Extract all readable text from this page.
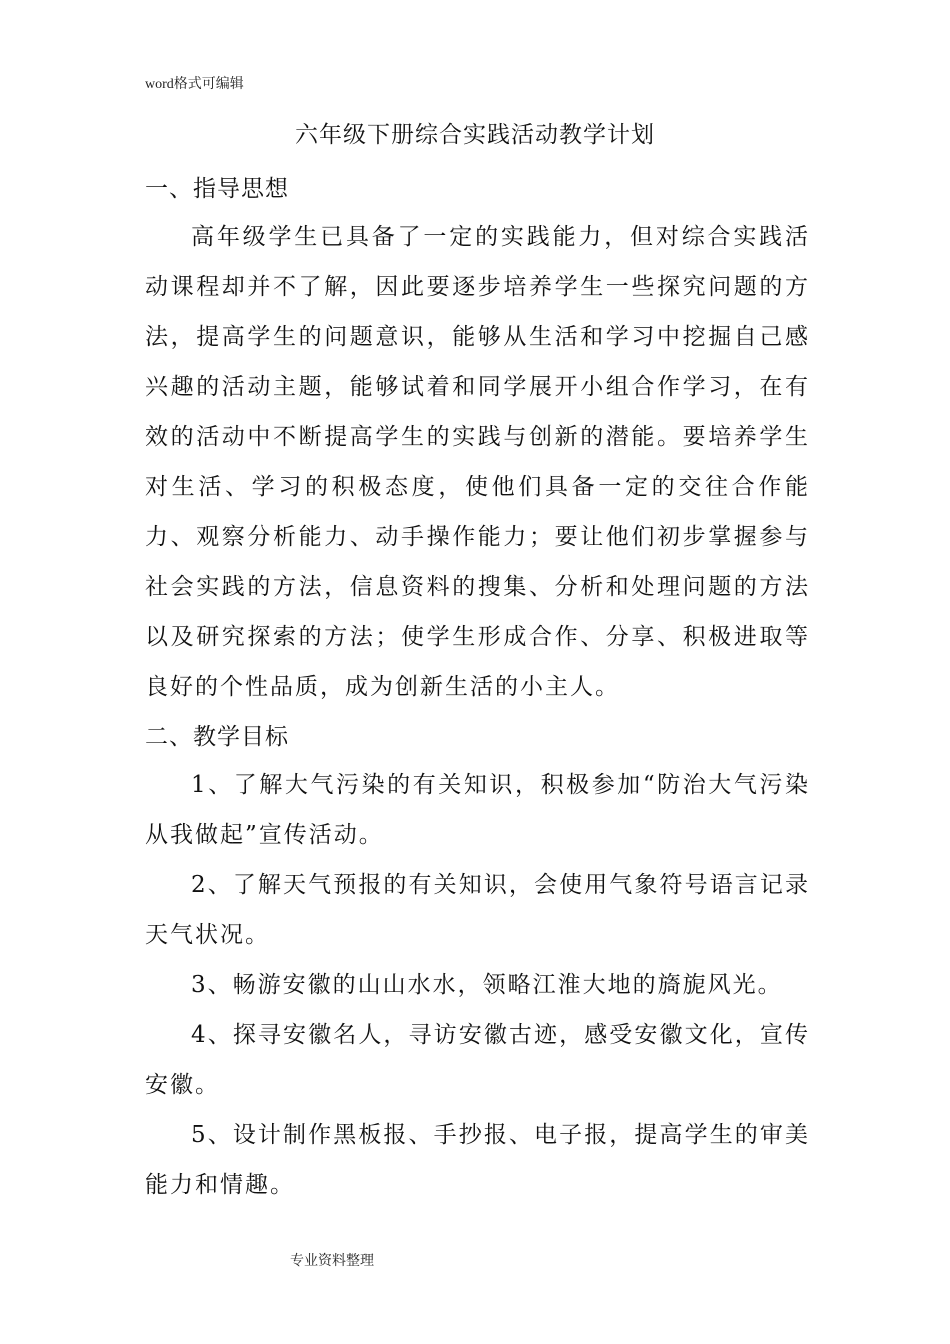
word格式可编辑
六年级下册综合实践活动教学计划
一、指导思想

高年级学生已具备了一定的实践能力，但对综合实践活动课程却并不了解，因此要逐步培养学生一些探究问题的方法，提高学生的问题意识，能够从生活和学习中挖掘自己感兴趣的活动主题，能够试着和同学展开小组合作学习，在有效的活动中不断提高学生的实践与创新的潜能。要培养学生对生活、学习的积极态度，使他们具备一定的交往合作能力、观察分析能力、动手操作能力；要让他们初步掌握参与社会实践的方法，信息资料的搜集、分析和处理问题的方法以及研究探索的方法；使学生形成合作、分享、积极进取等良好的个性品质，成为创新生活的小主人。

二、教学目标

1、了解大气污染的有关知识，积极参加“防治大气污染从我做起”宣传活动。

2、了解天气预报的有关知识，会使用气象符号语言记录天气状况。

3、畅游安徽的山山水水，领略江淮大地的旖旎风光。

4、探寻安徽名人，寻访安徽古迹，感受安徽文化，宣传安徽。

5、设计制作黑板报、手抄报、电子报，提高学生的审美能力和情趣。

专业资料整理
